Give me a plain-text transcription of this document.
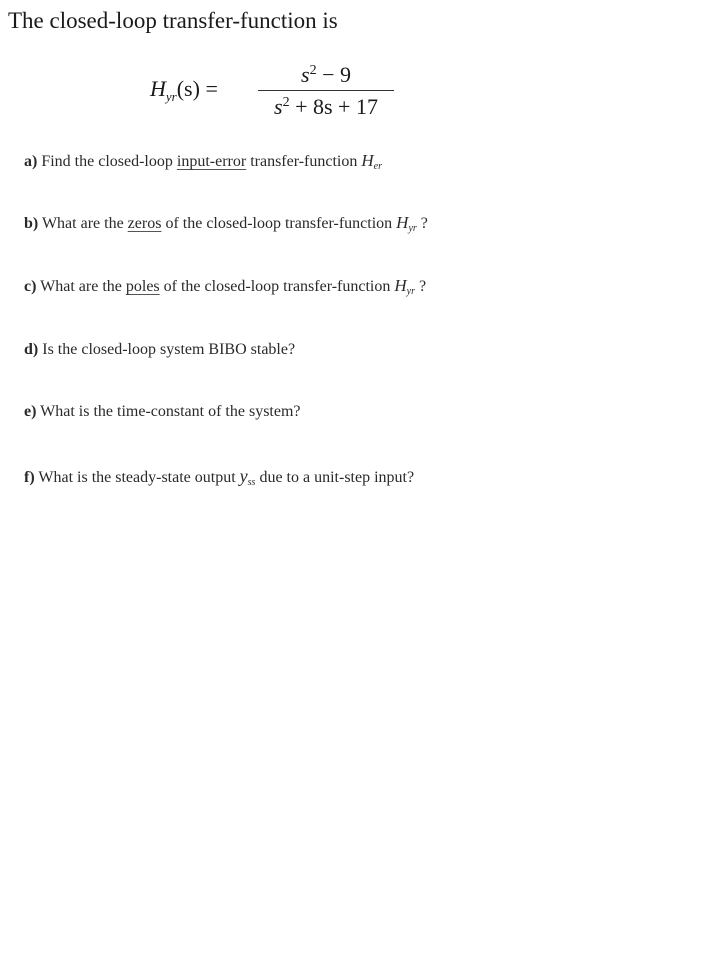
The closed-loop transfer-function is
$H_{yr}(s)$ =
$s^2 - 9$
$s^2 + 8s + 17$

a) Find the closed-loop input-error transfer-function $H_{er}$

b) What are the zeros of the closed-loop transfer-function $H_{yr}$ ?

c) What are the poles of the closed-loop transfer-function $H_{yr}$ ?

d) Is the closed-loop system BIBO stable?

e) What is the time-constant of the system?

f) What is the steady-state output $y_{ss}$ due to a unit-step input?
